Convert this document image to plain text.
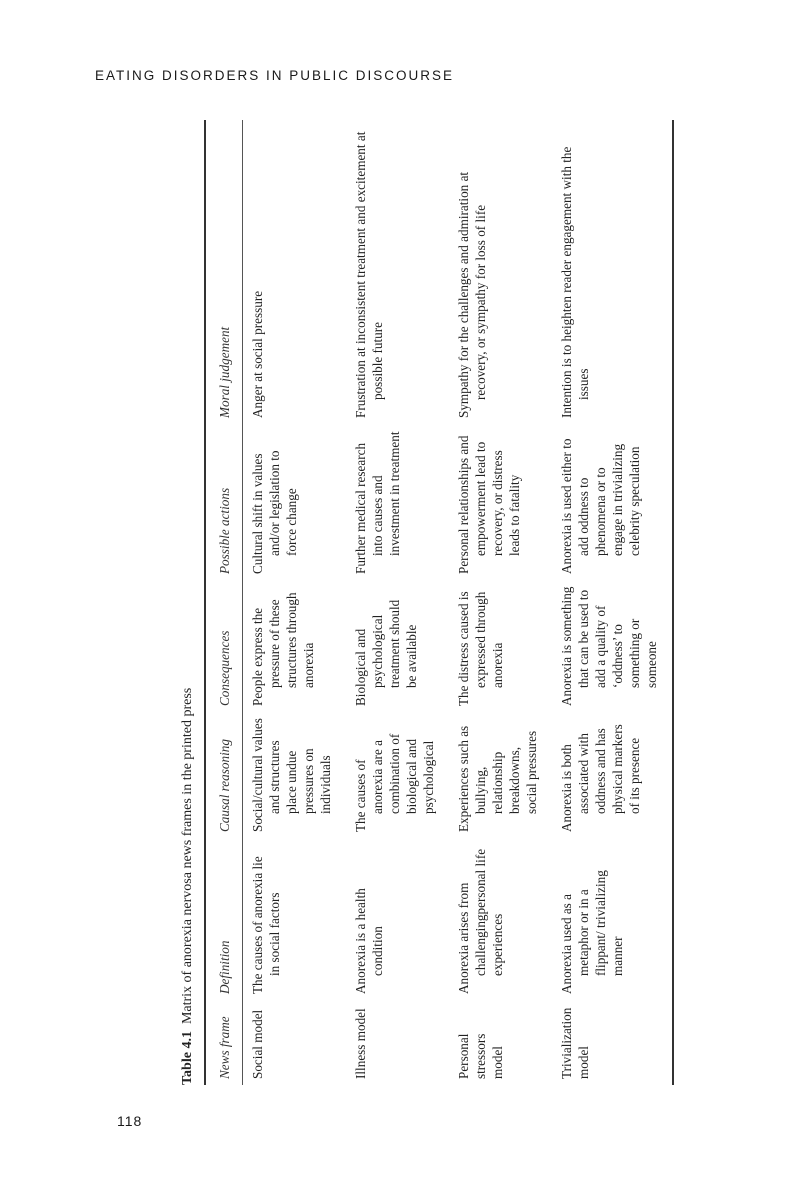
EATING DISORDERS IN PUBLIC DISCOURSE
Table 4.1  Matrix of anorexia nervosa news frames in the printed press
News frame	Definition	Causal reasoning	Consequences	Possible actions	Moral judgement
Social model	The causes of anorexia lie in social factors	Social/cultural values and structures place undue pressures on individuals	People express the pressure of these structures through anorexia	Cultural shift in values and/or legislation to force change	Anger at social pressure
Illness model	Anorexia is a health condition	The causes of anorexia are a combination of biological and psychological	Biological and psychological treatment should be available	Further medical research into causes and investment in treatment	Frustration at inconsistent treatment and excitement at possible future
Personal stressors model	Anorexia arises from challengingpersonal life experiences	Experiences such as bullying, relationship breakdowns, social pressures	The distress caused is expressed through anorexia	Personal relationships and empowerment lead to recovery, or distress leads to fatality	Sympathy for the challenges and admiration at recovery, or sympathy for loss of life
Trivialization model	Anorexia used as a metaphor or in a flippant/ trivializing manner	Anorexia is both associated with oddness and has physical markers of its presence	Anorexia is something that can be used to add a quality of ‘oddness’ to something or someone	Anorexia is used either to add oddness to phenomena or to engage in trivializing celebrity speculation	Intention is to heighten reader engagement with the issues
118
